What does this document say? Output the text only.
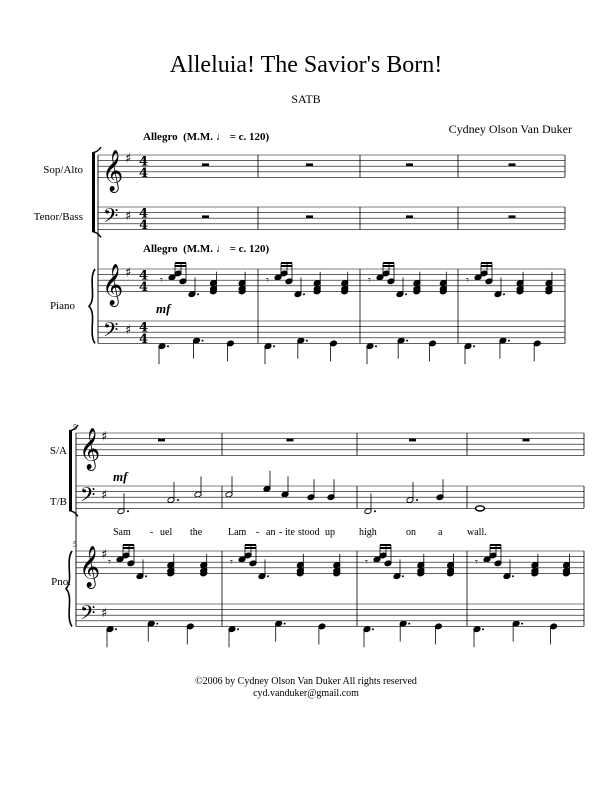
Alleluia! The Savior's Born!
SATB
Cydney Olson Van Duker
Allegro (M.M. ♩ = c. 120)
Allegro (M.M. ♩ = c. 120)
Sop/Alto
Tenor/Bass
Piano	mf
5
5
S/A
T/B
Pno.
mf
Sam - uel the	Lam - an - ite stood up high	on a wall.
𝄞 ♯ 4
4
𝄢 ♯ 4
4
𝄞 ♯ 4
4
𝄢 ♯ 4
4
𝄾	𝄾	𝄾	𝄾
𝄞 ♯
𝄢 ♯
𝄞 ♯
𝄢 ♯
𝄾	𝄾	𝄾	𝄾
©2006 by Cydney Olson Van Duker All rights reserved
cyd.vanduker@gmail.com
